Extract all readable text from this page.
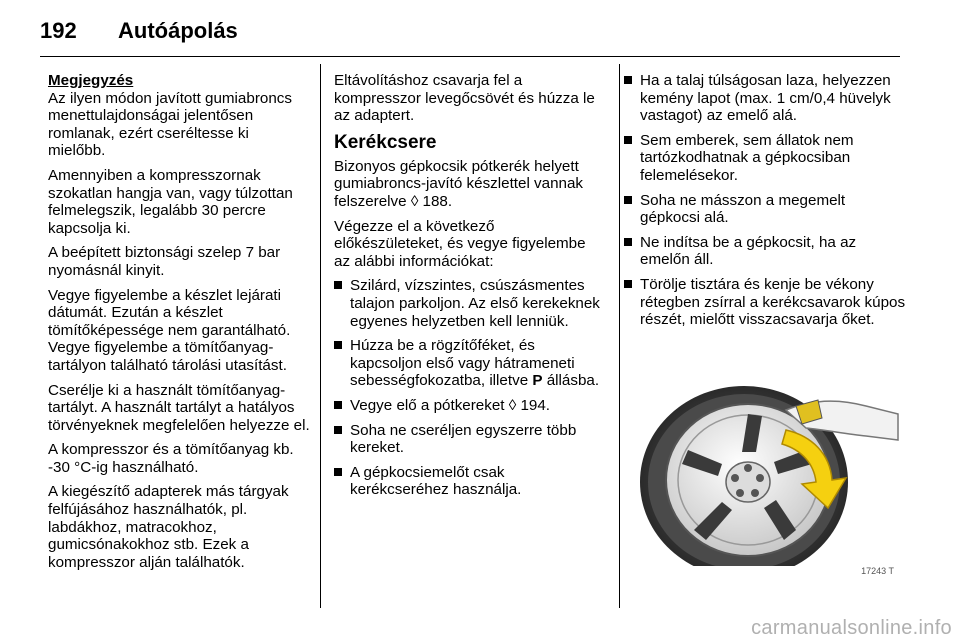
192 Autóápolás
Megjegyzés

Az ilyen módon javított gumiabroncs menettulajdonságai jelentősen romlanak, ezért cseréltesse ki mielőbb.

Amennyiben a kompresszornak szokatlan hangja van, vagy túlzottan felmelegszik, legalább 30 percre kapcsolja ki.

A beépített biztonsági szelep 7 bar nyomásnál kinyit.

Vegye figyelembe a készlet lejárati dátumát. Ezután a készlet tömítőképessége nem garantálható. Vegye figyelembe a tömítőanyag-tartályon található tárolási utasítást.

Cserélje ki a használt tömítőanyag-tartályt. A használt tartályt a hatályos törvényeknek megfelelően helyezze el.

A kompresszor és a tömítőanyag kb. -30 °C-ig használható.

A kiegészítő adapterek más tárgyak felfújásához használhatók, pl. labdákhoz, matracokhoz, gumicsónakokhoz stb. Ezek a kompresszor alján találhatók.

Eltávolításhoz csavarja fel a kompresszor levegőcsövét és húzza le az adaptert.

Kerékcsere

Bizonyos gépkocsik pótkerék helyett gumiabroncs-javító készlettel vannak felszerelve ◊ 188.

Végezze el a következő előkészületeket, és vegye figyelembe az alábbi információkat:

Szilárd, vízszintes, csúszásmentes talajon parkoljon. Az első kerekeknek egyenes helyzetben kell lenniük.
Húzza be a rögzítőféket, és kapcsoljon első vagy hátrameneti sebességfokozatba, illetve P állásba.
Vegye elő a pótkereket ◊ 194.
Soha ne cseréljen egyszerre több kereket.
A gépkocsiemelőt csak kerékcseréhez használja.
Ha a talaj túlságosan laza, helyezzen kemény lapot (max. 1 cm/0,4 hüvelyk vastagot) az emelő alá.
Sem emberek, sem állatok nem tartózkodhatnak a gépkocsiban felemelésekor.
Soha ne másszon a megemelt gépkocsi alá.
Ne indítsa be a gépkocsit, ha az emelőn áll.
Törölje tisztára és kenje be vékony rétegben zsírral a kerékcsavarok kúpos részét, mielőtt visszacsavarja őket.
17243 T
carmanualsonline.info
